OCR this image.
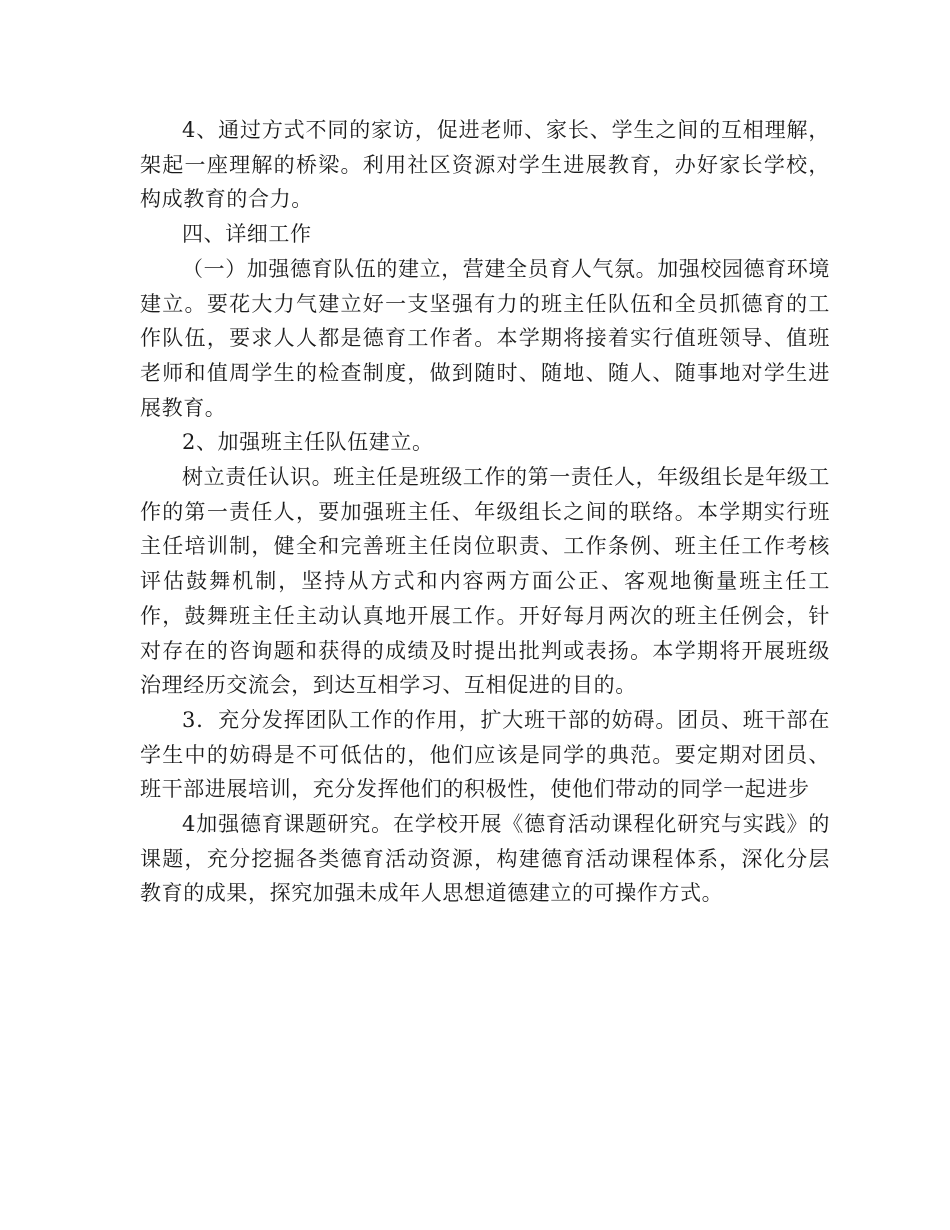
4、通过方式不同的家访，促进老师、家长、学生之间的互相理解，架起一座理解的桥梁。利用社区资源对学生进展教育，办好家长学校，构成教育的合力。

四、详细工作

（一）加强德育队伍的建立，营建全员育人气氛。加强校园德育环境建立。要花大力气建立好一支坚强有力的班主任队伍和全员抓德育的工作队伍，要求人人都是德育工作者。本学期将接着实行值班领导、值班老师和值周学生的检查制度，做到随时、随地、随人、随事地对学生进展教育。

2、加强班主任队伍建立。

树立责任认识。班主任是班级工作的第一责任人，年级组长是年级工作的第一责任人，要加强班主任、年级组长之间的联络。本学期实行班主任培训制，健全和完善班主任岗位职责、工作条例、班主任工作考核评估鼓舞机制，坚持从方式和内容两方面公正、客观地衡量班主任工作，鼓舞班主任主动认真地开展工作。开好每月两次的班主任例会，针对存在的咨询题和获得的成绩及时提出批判或表扬。本学期将开展班级治理经历交流会，到达互相学习、互相促进的目的。

3．充分发挥团队工作的作用，扩大班干部的妨碍。团员、班干部在学生中的妨碍是不可低估的，他们应该是同学的典范。要定期对团员、班干部进展培训，充分发挥他们的积极性，使他们带动的同学一起进步

4加强德育课题研究。在学校开展《德育活动课程化研究与实践》的课题，充分挖掘各类德育活动资源，构建德育活动课程体系，深化分层教育的成果，探究加强未成年人思想道德建立的可操作方式。
